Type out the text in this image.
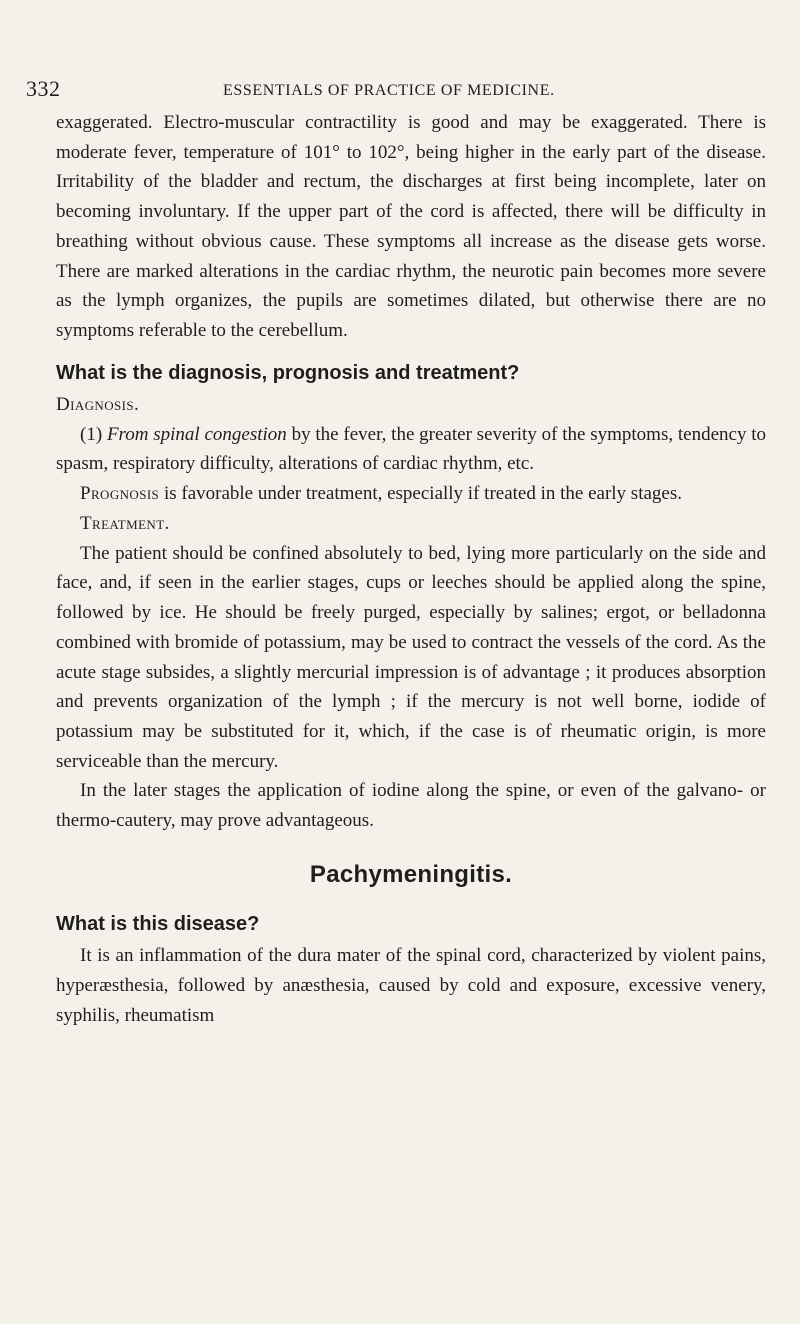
332	ESSENTIALS OF PRACTICE OF MEDICINE.

exaggerated. Electro-muscular contractility is good and may be exaggerated. There is moderate fever, temperature of 101° to 102°, being higher in the early part of the disease. Irritability of the bladder and rectum, the discharges at first being incomplete, later on becoming involuntary. If the upper part of the cord is affected, there will be difficulty in breathing without obvious cause. These symptoms all increase as the disease gets worse. There are marked alterations in the cardiac rhythm, the neurotic pain becomes more severe as the lymph organizes, the pupils are sometimes dilated, but otherwise there are no symptoms referable to the cerebellum.

What is the diagnosis, prognosis and treatment?

Diagnosis.

(1) From spinal congestion by the fever, the greater severity of the symptoms, tendency to spasm, respiratory difficulty, alterations of cardiac rhythm, etc.

Prognosis is favorable under treatment, especially if treated in the early stages.

Treatment.

The patient should be confined absolutely to bed, lying more particularly on the side and face, and, if seen in the earlier stages, cups or leeches should be applied along the spine, followed by ice. He should be freely purged, especially by salines; ergot, or belladonna combined with bromide of potassium, may be used to contract the vessels of the cord. As the acute stage subsides, a slightly mercurial impression is of advantage ; it produces absorption and prevents organization of the lymph ; if the mercury is not well borne, iodide of potassium may be substituted for it, which, if the case is of rheumatic origin, is more serviceable than the mercury.

In the later stages the application of iodine along the spine, or even of the galvano- or thermo-cautery, may prove advantageous.

Pachymeningitis.
What is this disease?

It is an inflammation of the dura mater of the spinal cord, characterized by violent pains, hyperæsthesia, followed by anæsthesia, caused by cold and exposure, excessive venery, syphilis, rheumatism
